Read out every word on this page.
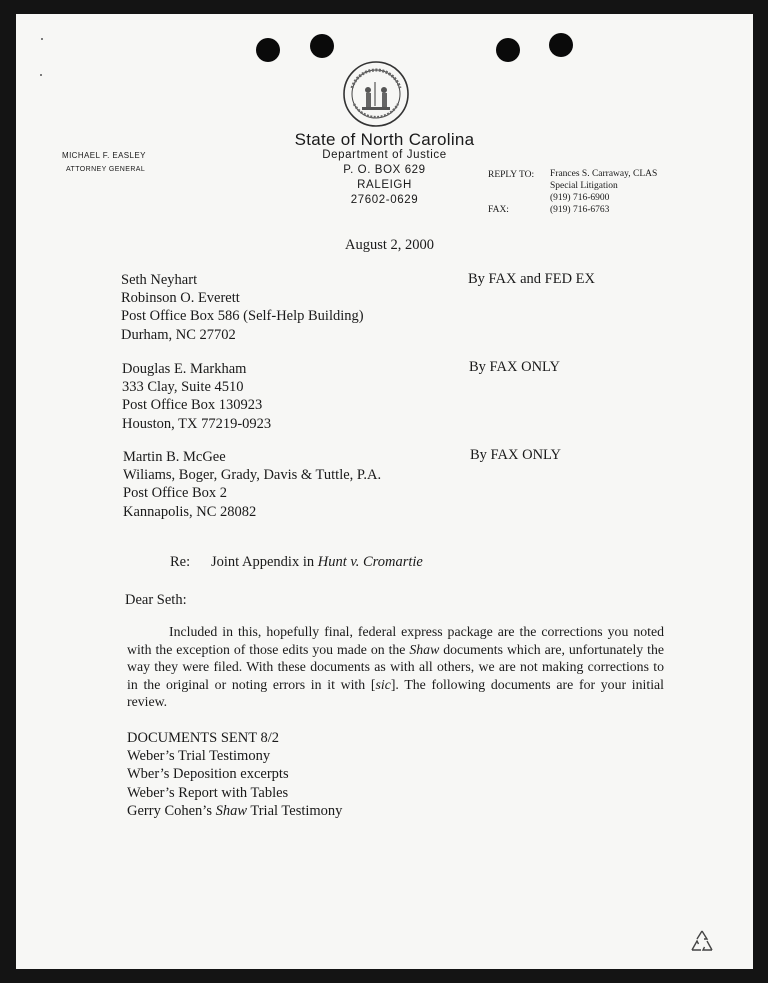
State of North Carolina
Department of Justice
P. O. BOX 629
RALEIGH
27602-0629
MICHAEL F. EASLEY
ATTORNEY GENERAL
REPLY TO: Frances S. Carraway, CLAS
Special Litigation
(919) 716-6900
FAX:	(919) 716-6763
August 2, 2000
Seth Neyhart
Robinson O. Everett
Post Office Box 586 (Self-Help Building)
Durham, NC 27702
By FAX and FED EX
Douglas E. Markham
333 Clay, Suite 4510
Post Office Box 130923
Houston, TX 77219-0923
By FAX ONLY
Martin B. McGee
Wiliams, Boger, Grady, Davis & Tuttle, P.A.
Post Office Box 2
Kannapolis, NC 28082
By FAX ONLY
Re: Joint Appendix in Hunt v. Cromartie
Dear Seth:
Included in this, hopefully final, federal express package are the corrections you noted with the exception of those edits you made on the Shaw documents which are, unfortunately the way they were filed. With these documents as with all others, we are not making corrections to in the original or noting errors in it with [sic]. The following documents are for your initial review.
DOCUMENTS SENT 8/2
Weber’s Trial Testimony
Wber’s Deposition excerpts
Weber’s Report with Tables
Gerry Cohen’s Shaw Trial Testimony
